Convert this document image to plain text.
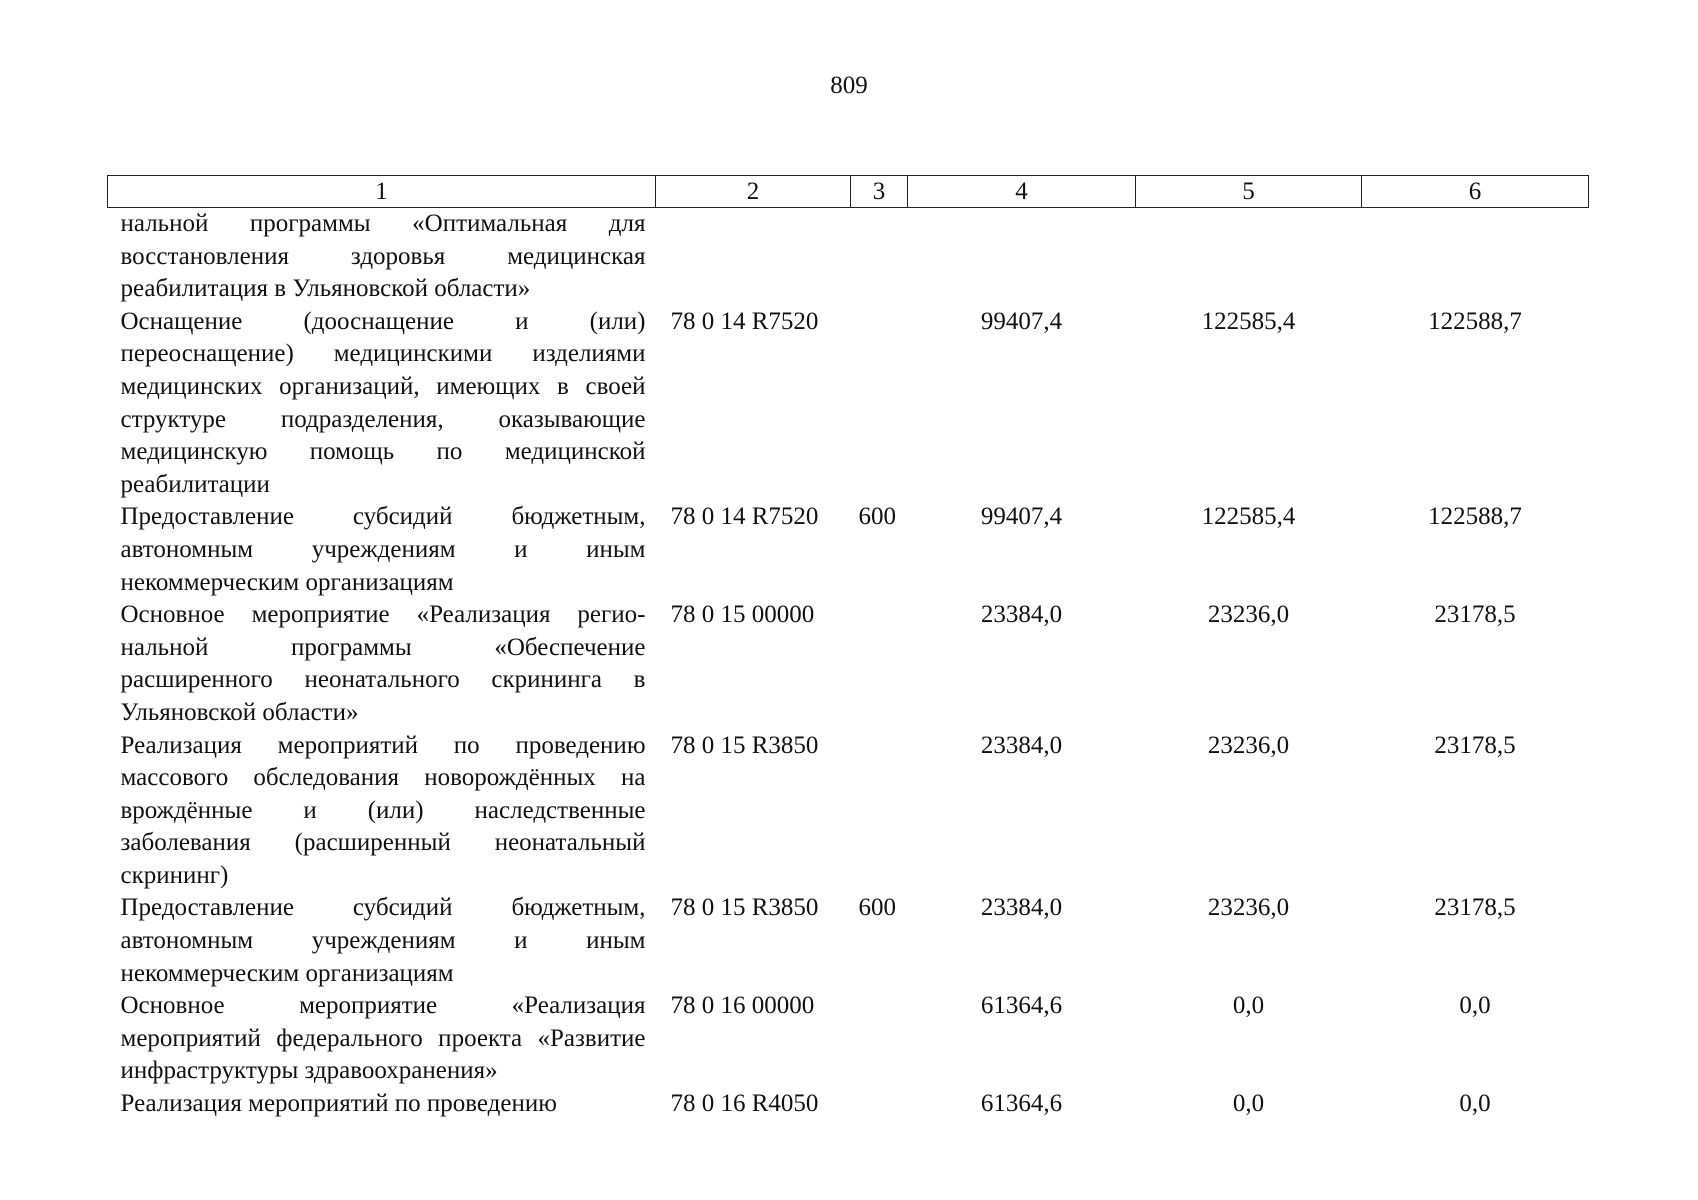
809
1	2	3	4	5	6
нальной программы «Оптимальная для восстановления здоровья медицинская реабилитация в Ульяновской области»					
Оснащение (дооснащение и (или) переоснащение) медицинскими изделиями медицинских организаций, имеющих в своей структуре подразделения, оказывающие медицинскую помощь по медицинской реабилитации	78 0 14 R7520		99407,4	122585,4	122588,7
Предоставление субсидий бюджетным, автономным учреждениям и иным некоммерческим организациям	78 0 14 R7520	600	99407,4	122585,4	122588,7
Основное мероприятие «Реализация региональной программы «Обеспечение расширенного неонатального скрининга в Ульяновской области»	78 0 15 00000		23384,0	23236,0	23178,5
Реализация мероприятий по проведению массового обследования новорождённых на врождённые и (или) наследственные заболевания (расширенный неонатальный скрининг)	78 0 15 R3850		23384,0	23236,0	23178,5
Предоставление субсидий бюджетным, автономным учреждениям и иным некоммерческим организациям	78 0 15 R3850	600	23384,0	23236,0	23178,5
Основное мероприятие «Реализация мероприятий федерального проекта «Развитие инфраструктуры здравоохранения»	78 0 16 00000		61364,6	0,0	0,0
Реализация мероприятий по проведению	78 0 16 R4050		61364,6	0,0	0,0
